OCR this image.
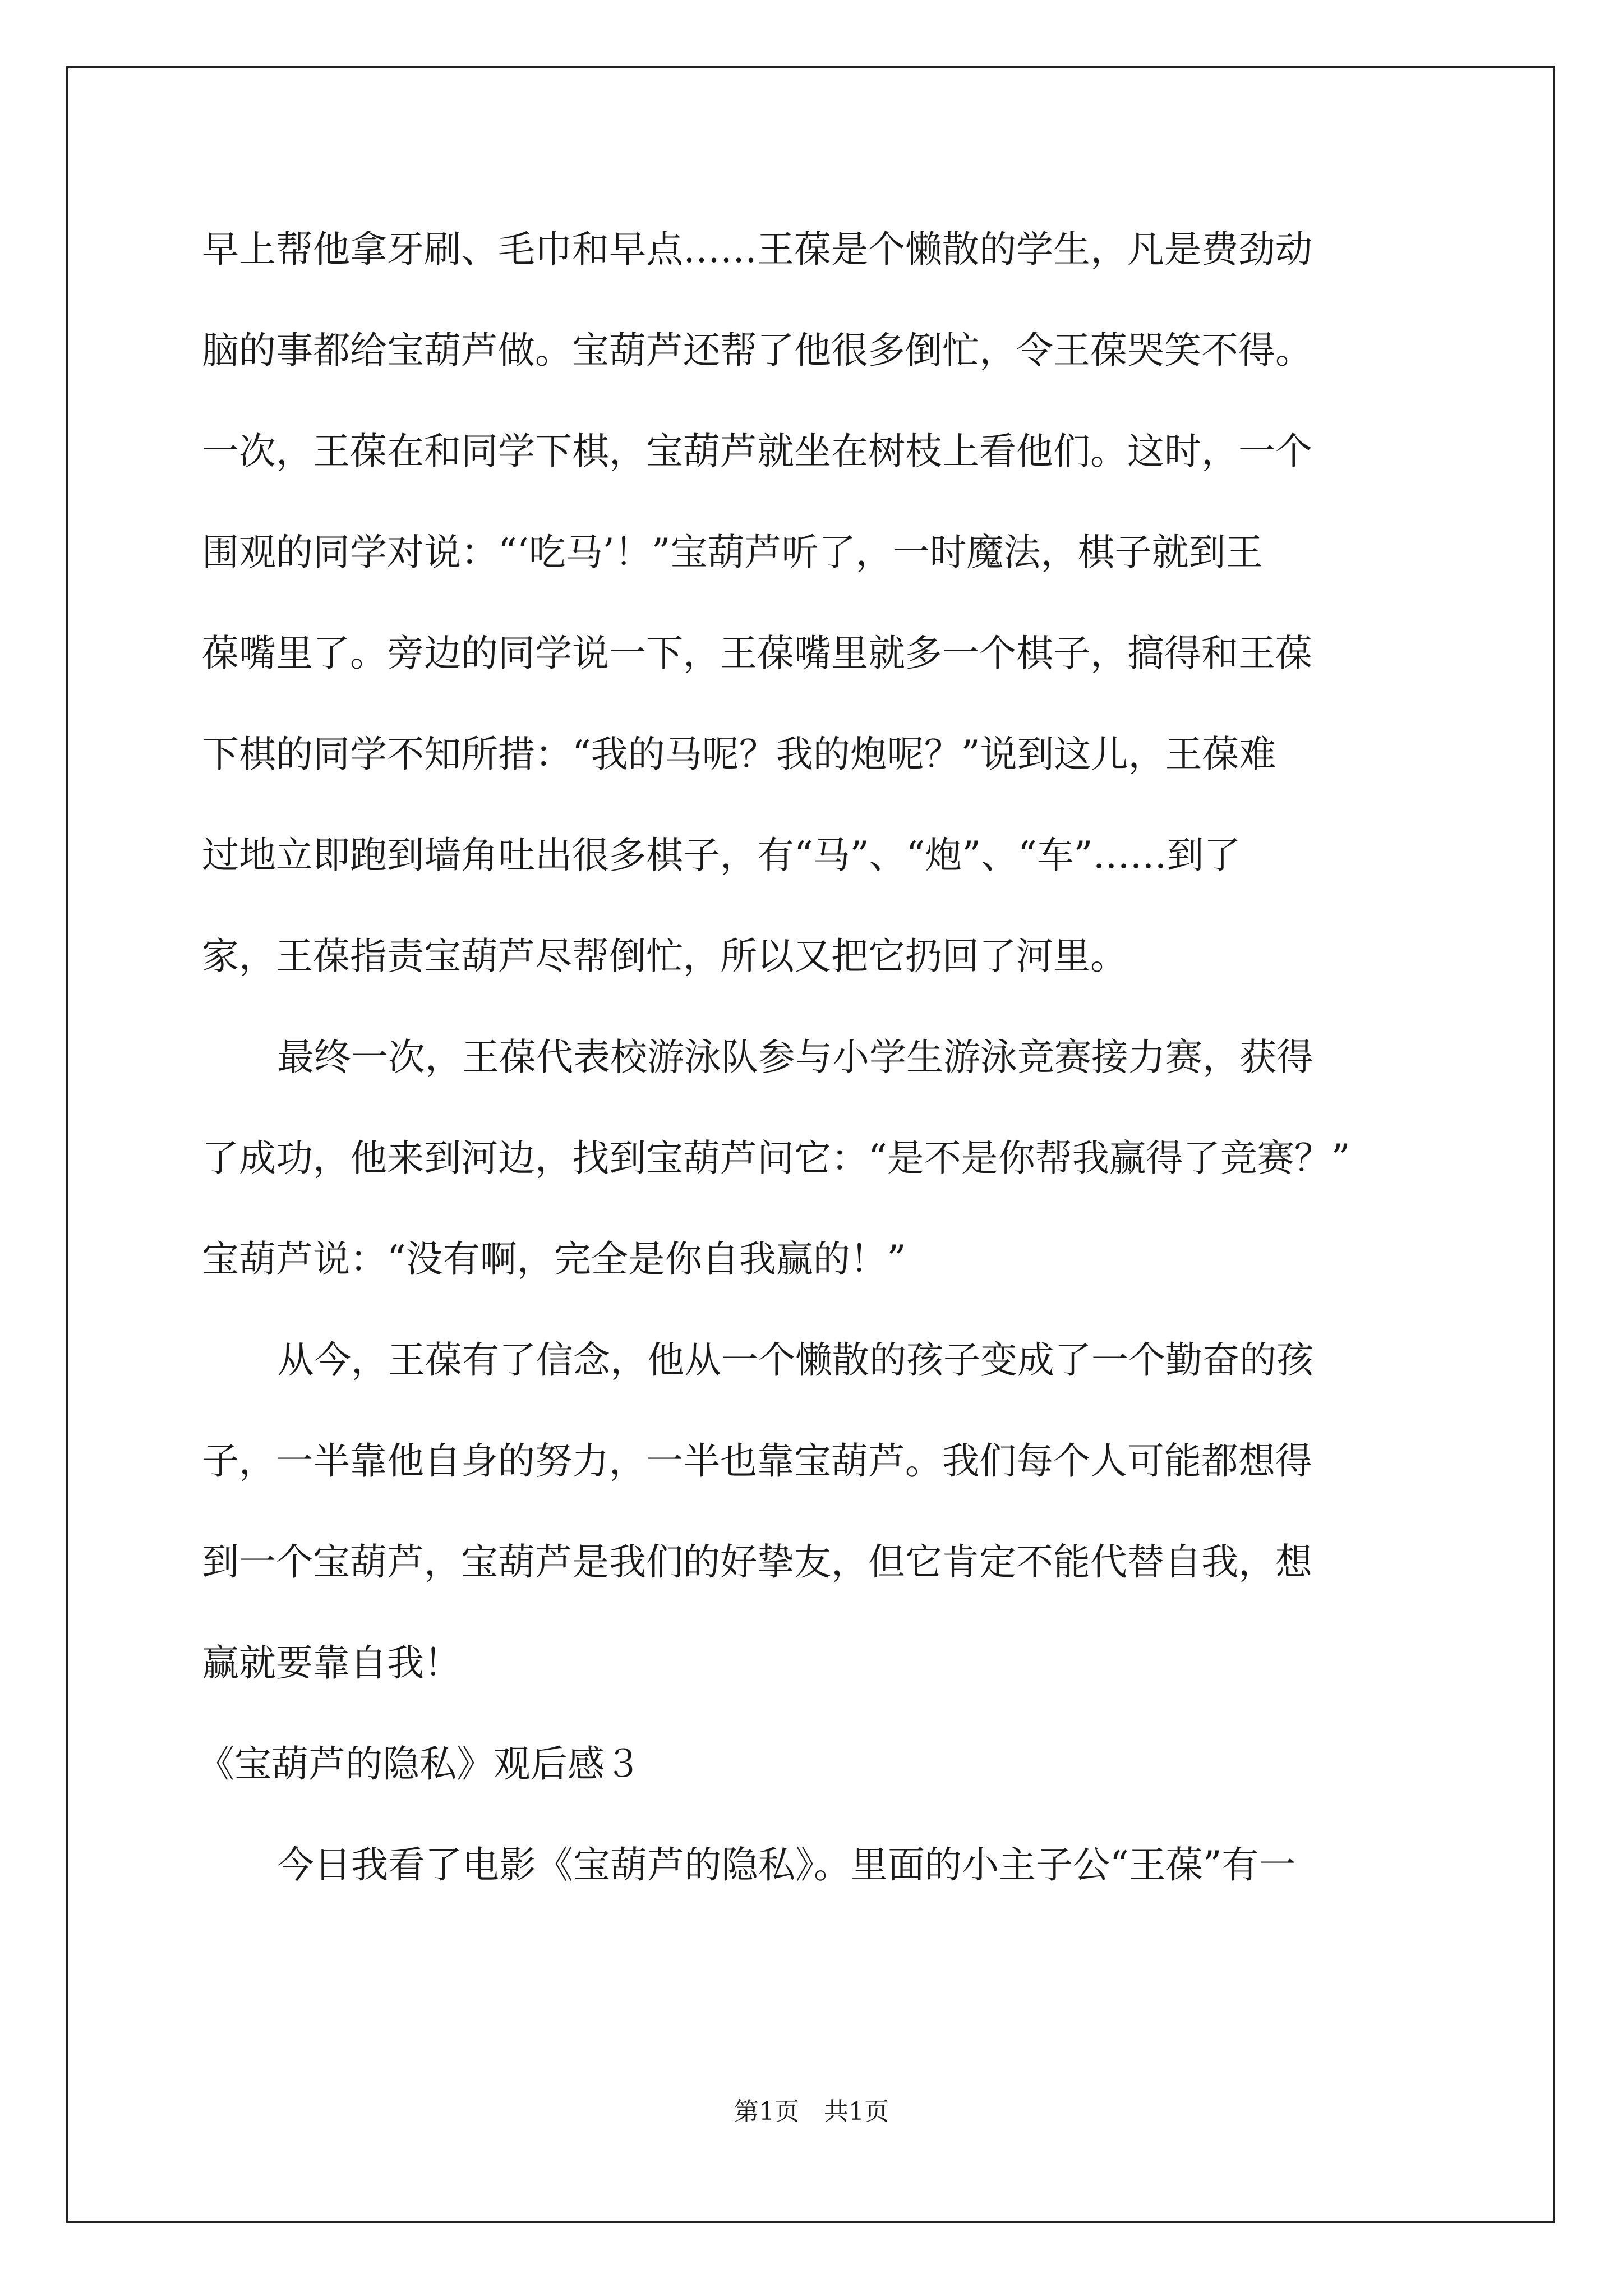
早上帮他拿牙刷、毛巾和早点……王葆是个懒散的学生，凡是费劲动
脑的事都给宝葫芦做。宝葫芦还帮了他很多倒忙，令王葆哭笑不得。
一次，王葆在和同学下棋，宝葫芦就坐在树枝上看他们。这时，一个
围观的同学对说：“‘吃马’！”宝葫芦听了，一时魔法，棋子就到王
葆嘴里了。旁边的同学说一下，王葆嘴里就多一个棋子，搞得和王葆
下棋的同学不知所措：“我的马呢？我的炮呢？”说到这儿，王葆难
过地立即跑到墙角吐出很多棋子，有“马”、“炮”、“车”……到了
家，王葆指责宝葫芦尽帮倒忙，所以又把它扔回了河里。
最终一次，王葆代表校游泳队参与小学生游泳竞赛接力赛，获得
了成功，他来到河边，找到宝葫芦问它：“是不是你帮我赢得了竞赛？”
宝葫芦说：“没有啊，完全是你自我赢的！”
从今，王葆有了信念，他从一个懒散的孩子变成了一个勤奋的孩
子，一半靠他自身的努力，一半也靠宝葫芦。我们每个人可能都想得
到一个宝葫芦，宝葫芦是我们的好挚友，但它肯定不能代替自我，想
赢就要靠自我！
《宝葫芦的隐私》观后感３
今日我看了电影《宝葫芦的隐私》。里面的小主子公“王葆”有一
第1页　共1页
